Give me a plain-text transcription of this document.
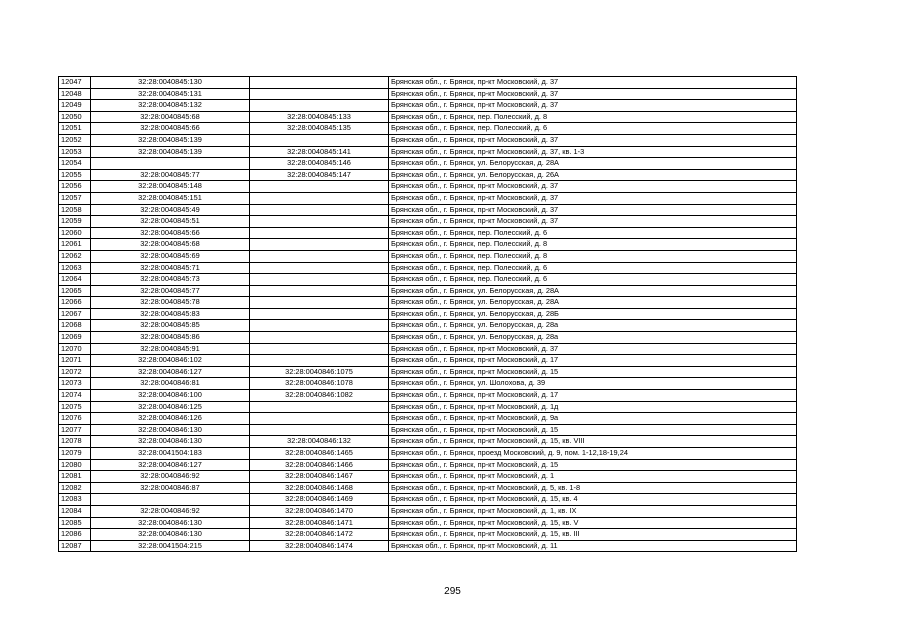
12047	32:28:0040845:130		Брянская обл., г. Брянск, пр-кт Московский, д. 37
12048	32:28:0040845:131		Брянская обл., г. Брянск, пр-кт Московский, д. 37
12049	32:28:0040845:132		Брянская обл., г. Брянск, пр-кт Московский, д. 37
12050	32:28:0040845:68	32:28:0040845:133	Брянская обл., г. Брянск, пер. Полесский, д. 8
12051	32:28:0040845:66	32:28:0040845:135	Брянская обл., г. Брянск, пер. Полесский, д. 6
12052	32:28:0040845:139		Брянская обл., г. Брянск, пр-кт Московский, д. 37
12053	32:28:0040845:139	32:28:0040845:141	Брянская обл., г. Брянск, пр-кт Московский, д. 37, кв. 1-3
12054		32:28:0040845:146	Брянская обл., г. Брянск, ул. Белорусская, д. 28А
12055	32:28:0040845:77	32:28:0040845:147	Брянская обл., г. Брянск, ул. Белорусская, д. 26А
12056	32:28:0040845:148		Брянская обл., г. Брянск, пр-кт Московский, д. 37
12057	32:28:0040845:151		Брянская обл., г. Брянск, пр-кт Московский, д. 37
12058	32:28:0040845:49		Брянская обл., г. Брянск, пр-кт Московский, д. 37
12059	32:28:0040845:51		Брянская обл., г. Брянск, пр-кт Московский, д. 37
12060	32:28:0040845:66		Брянская обл., г. Брянск, пер. Полесский, д. 6
12061	32:28:0040845:68		Брянская обл., г. Брянск, пер. Полесский, д. 8
12062	32:28:0040845:69		Брянская обл., г. Брянск, пер. Полесский, д. 8
12063	32:28:0040845:71		Брянская обл., г. Брянск, пер. Полесский, д. 6
12064	32:28:0040845:73		Брянская обл., г. Брянск, пер. Полесский, д. 6
12065	32:28:0040845:77		Брянская обл., г. Брянск, ул. Белорусская, д. 28А
12066	32:28:0040845:78		Брянская обл., г. Брянск, ул. Белорусская, д. 28А
12067	32:28:0040845:83		Брянская обл., г. Брянск, ул. Белорусская, д. 28Б
12068	32:28:0040845:85		Брянская обл., г. Брянск, ул. Белорусская, д. 28а
12069	32:28:0040845:86		Брянская обл., г. Брянск, ул. Белорусская, д. 28а
12070	32:28:0040845:91		Брянская обл., г. Брянск, пр-кт Московский, д. 37
12071	32:28:0040846:102		Брянская обл., г. Брянск, пр-кт Московский, д. 17
12072	32:28:0040846:127	32:28:0040846:1075	Брянская обл., г. Брянск, пр-кт Московский, д. 15
12073	32:28:0040846:81	32:28:0040846:1078	Брянская обл., г. Брянск, ул. Шолохова, д. 39
12074	32:28:0040846:100	32:28:0040846:1082	Брянская обл., г. Брянск, пр-кт Московский, д. 17
12075	32:28:0040846:125		Брянская обл., г. Брянск, пр-кт Московский, д. 1д
12076	32:28:0040846:126		Брянская обл., г. Брянск, пр-кт Московский, д. 9а
12077	32:28:0040846:130		Брянская обл., г. Брянск, пр-кт Московский, д. 15
12078	32:28:0040846:130	32:28:0040846:132	Брянская обл., г. Брянск, пр-кт Московский, д. 15, кв. VIII
12079	32:28:0041504:183	32:28:0040846:1465	Брянская обл., г. Брянск, проезд Московский, д. 9, пом. 1-12,18-19,24
12080	32:28:0040846:127	32:28:0040846:1466	Брянская обл., г. Брянск, пр-кт Московский, д. 15
12081	32:28:0040846:92	32:28:0040846:1467	Брянская обл., г. Брянск, пр-кт Московский, д. 1
12082	32:28:0040846:87	32:28:0040846:1468	Брянская обл., г. Брянск, пр-кт Московский, д. 5, кв. 1-8
12083		32:28:0040846:1469	Брянская обл., г. Брянск, пр-кт Московский, д. 15, кв. 4
12084	32:28:0040846:92	32:28:0040846:1470	Брянская обл., г. Брянск, пр-кт Московский, д. 1, кв. IX
12085	32:28:0040846:130	32:28:0040846:1471	Брянская обл., г. Брянск, пр-кт Московский, д. 15, кв. V
12086	32:28:0040846:130	32:28:0040846:1472	Брянская обл., г. Брянск, пр-кт Московский, д. 15, кв. III
12087	32:28:0041504:215	32:28:0040846:1474	Брянская обл., г. Брянск, пр-кт Московский, д. 11
295
